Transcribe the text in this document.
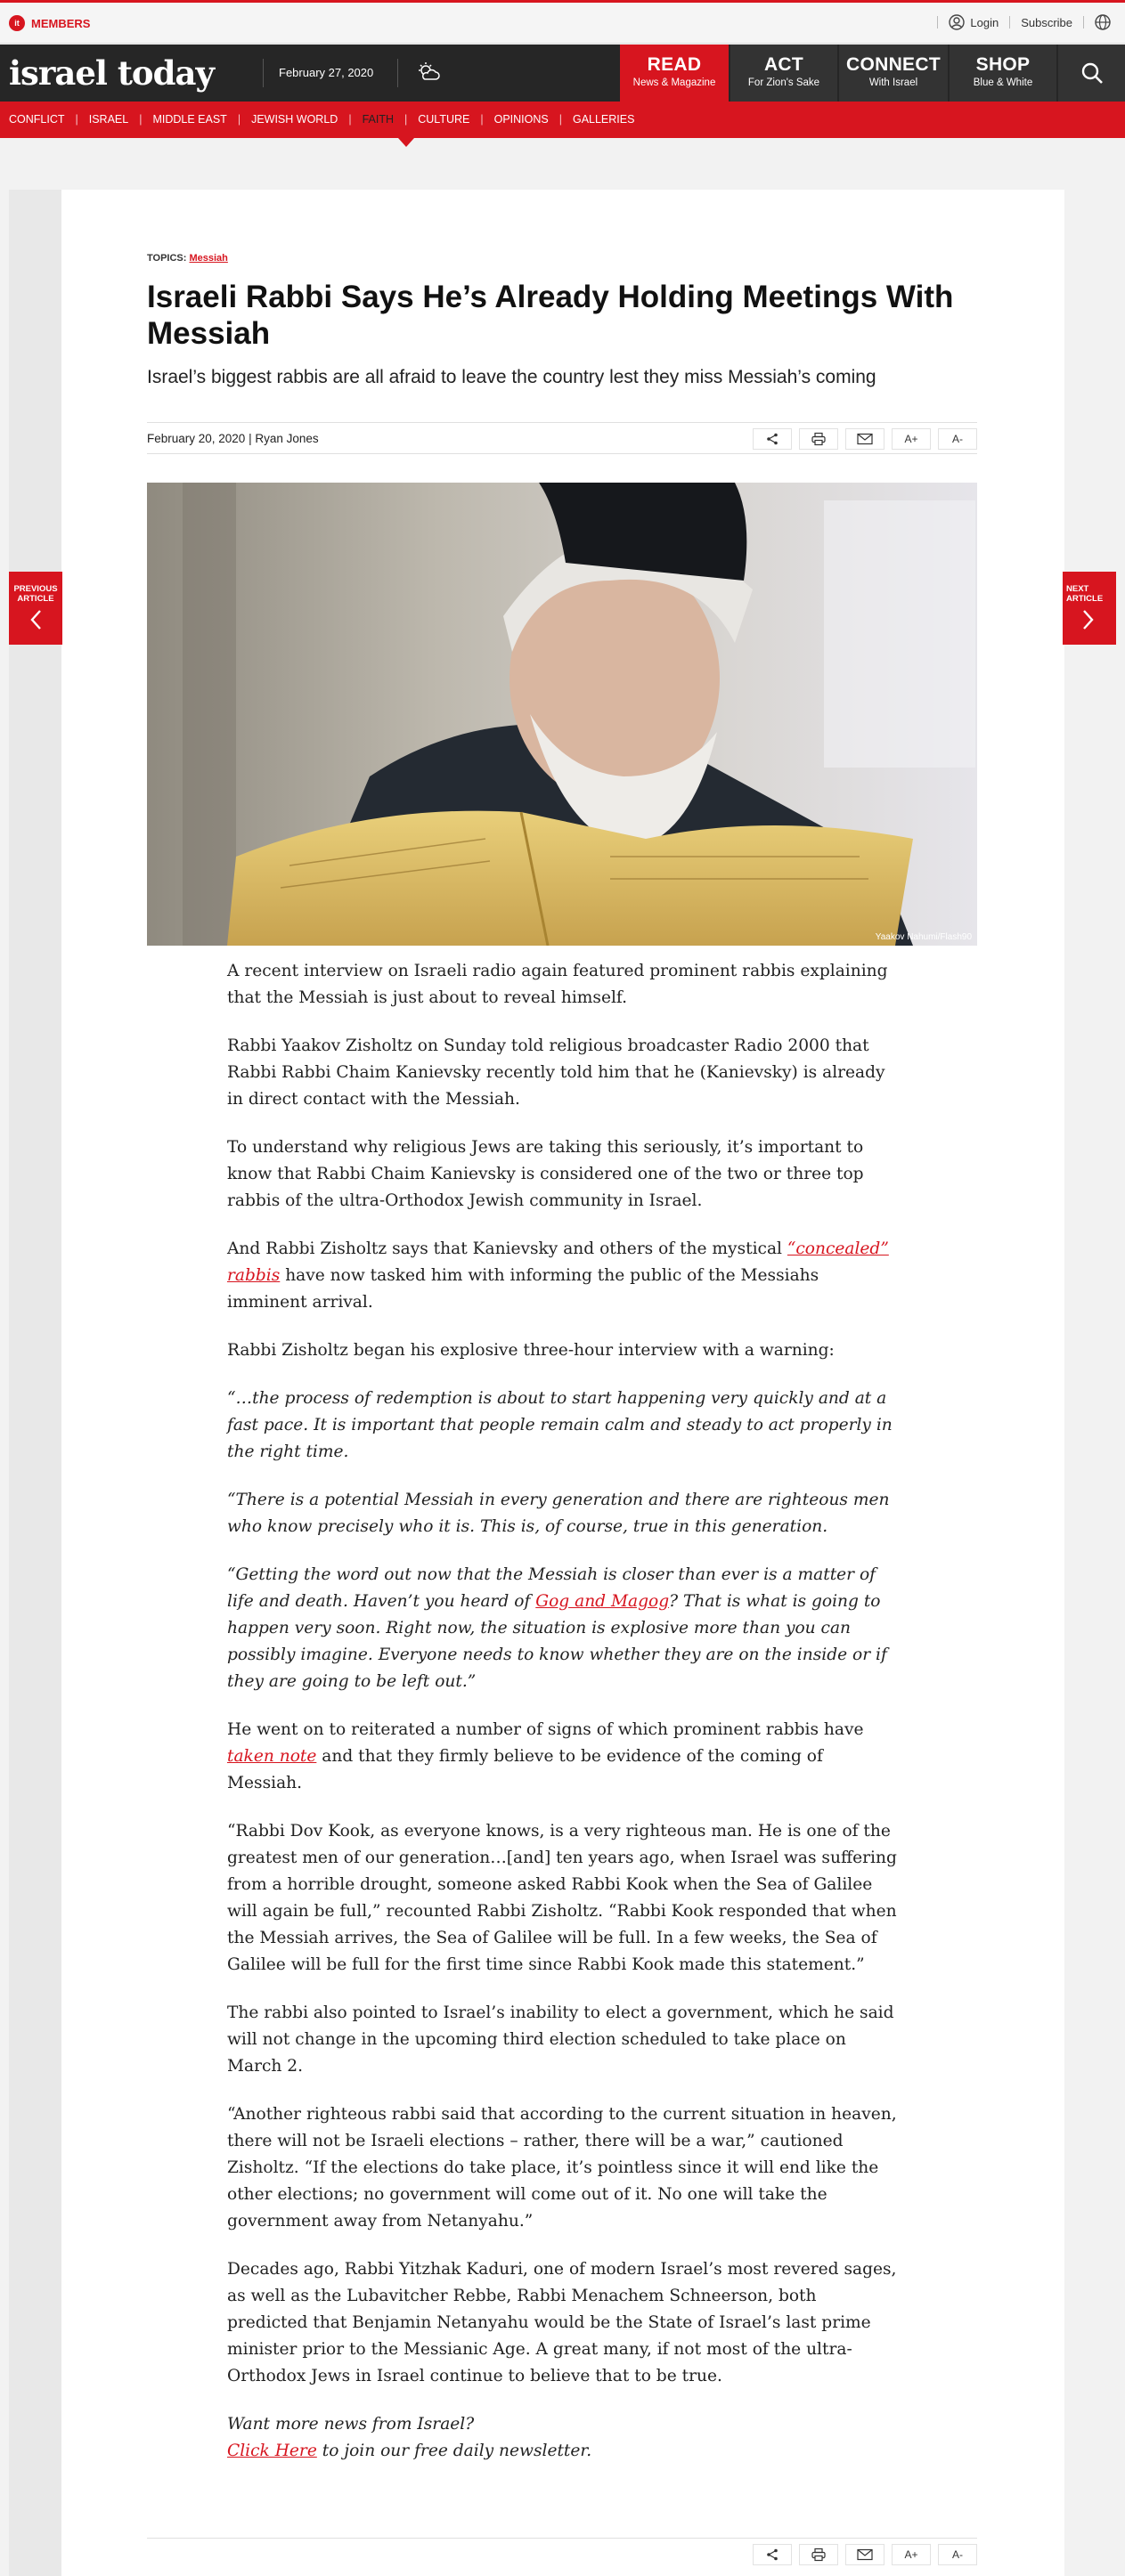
it	MEMBERS	Login Subscribe
israel today	February 27, 2020	READ
News & Magazine
ACT
For Zion's Sake
CONNECT
With Israel
SHOP
Blue & White
CONFLICT | ISRAEL | MIDDLE EAST | JEWISH WORLD | FAITH | CULTURE | OPINIONS | GALLERIES
PREVIOUS
ARTICLE
NEXT
ARTICLE
TOPICS: Messiah
Israeli Rabbi Says He’s Already Holding Meetings With Messiah
Israel’s biggest rabbis are all afraid to leave the country lest they miss Messiah’s coming
February 20, 2020 | Ryan Jones	A+	A-
Yaakov Nahumi/Flash90

A recent interview on Israeli radio again featured prominent rabbis explaining that the Messiah is just about to reveal himself.

Rabbi Yaakov Zisholtz on Sunday told religious broadcaster Radio 2000 that Rabbi Rabbi Chaim Kanievsky recently told him that he (Kanievsky) is already in direct contact with the Messiah.

To understand why religious Jews are taking this seriously, it’s important to know that Rabbi Chaim Kanievsky is considered one of the two or three top rabbis of the ultra-Orthodox Jewish community in Israel.

And Rabbi Zisholtz says that Kanievsky and others of the mystical “concealed” rabbis have now tasked him with informing the public of the Messiahs imminent arrival.

Rabbi Zisholtz began his explosive three-hour interview with a warning:

“…the process of redemption is about to start happening very quickly and at a fast pace. It is important that people remain calm and steady to act properly in the right time.

“There is a potential Messiah in every generation and there are righteous men who know precisely who it is. This is, of course, true in this generation.

“Getting the word out now that the Messiah is closer than ever is a matter of life and death. Haven’t you heard of Gog and Magog? That is what is going to happen very soon. Right now, the situation is explosive more than you can possibly imagine. Everyone needs to know whether they are on the inside or if they are going to be left out.”

He went on to reiterated a number of signs of which prominent rabbis have taken note and that they firmly believe to be evidence of the coming of Messiah.

“Rabbi Dov Kook, as everyone knows, is a very righteous man. He is one of the greatest men of our generation…[and] ten years ago, when Israel was suffering from a horrible drought, someone asked Rabbi Kook when the Sea of Galilee will again be full,” recounted Rabbi Zisholtz. “Rabbi Kook responded that when the Messiah arrives, the Sea of Galilee will be full. In a few weeks, the Sea of Galilee will be full for the first time since Rabbi Kook made this statement.”

The rabbi also pointed to Israel’s inability to elect a government, which he said will not change in the upcoming third election scheduled to take place on March 2.

“Another righteous rabbi said that according to the current situation in heaven, there will not be Israeli elections – rather, there will be a war,” cautioned Zisholtz. “If the elections do take place, it’s pointless since it will end like the other elections; no government will come out of it. No one will take the government away from Netanyahu.”

Decades ago, Rabbi Yitzhak Kaduri, one of modern Israel’s most revered sages, as well as the Lubavitcher Rebbe, Rabbi Menachem Schneerson, both predicted that Benjamin Netanyahu would be the State of Israel’s last prime minister prior to the Messianic Age. A great many, if not most of the ultra-Orthodox Jews in Israel continue to believe that to be true.

Want more news from Israel?
Click Here to join our free daily newsletter.

A+	A-
